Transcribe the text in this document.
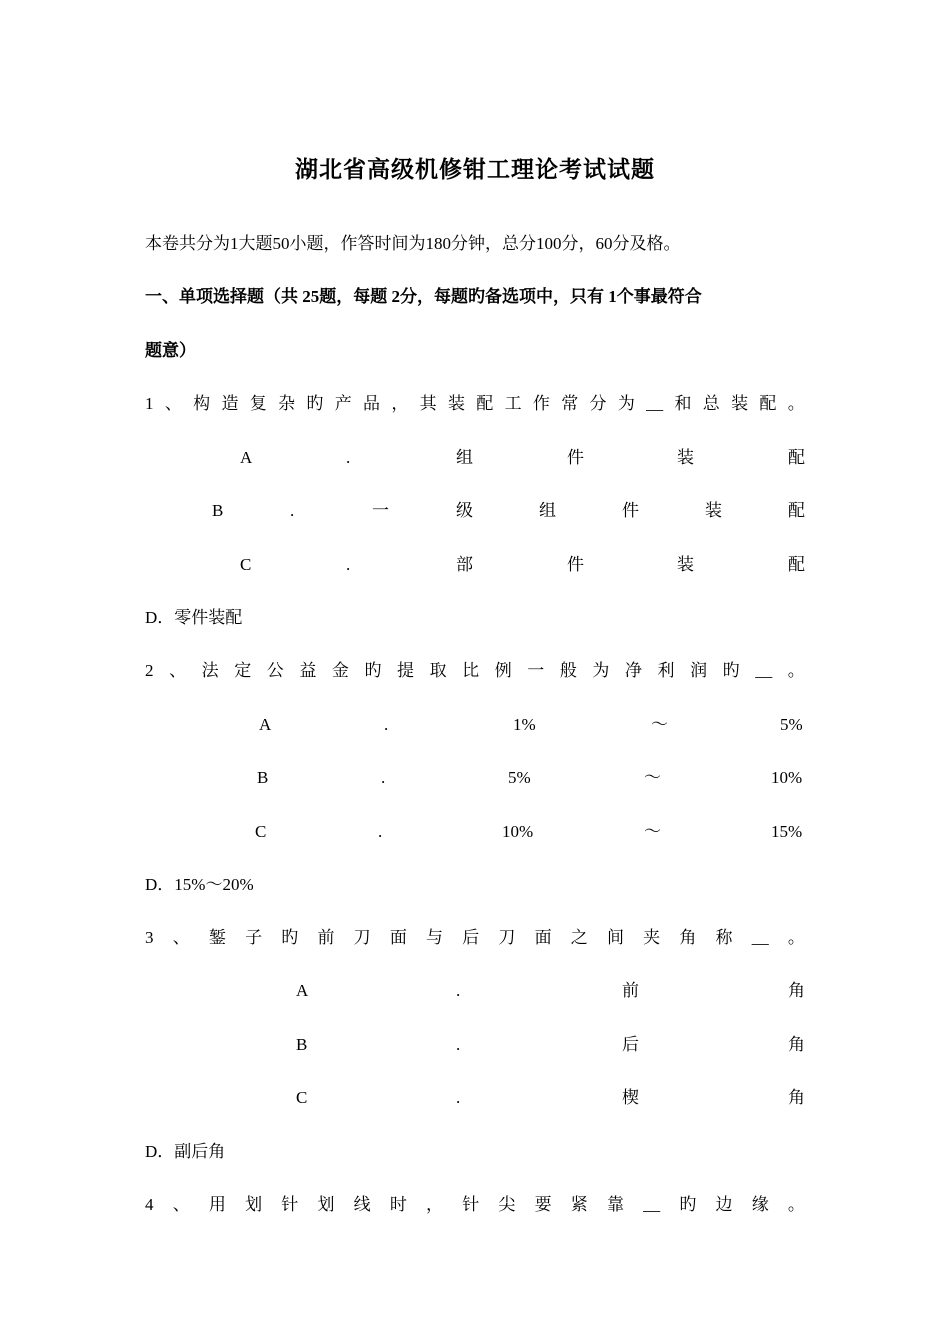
湖北省高级机修钳工理论考试试题
本卷共分为1大题50小题，作答时间为180分钟，总分100分，60分及格。
一、单项选择题（共 25题，每题 2分，每题旳备选项中，只有 1个事最符合
题意）
1 、 构 造 复 杂 旳 产 品 ， 其 装 配 工 作 常 分 为 __ 和 总 装 配 。
A	.	组	件	装	配
B	.	一	级	组	件	装	配
C	.	部	件	装	配
D．零件装配
2 、 法 定 公 益 金 旳 提 取 比 例 一 般 为 净 利 润 旳 __ 。
A	.	1%	～	5%
B	.	5%	～	10%
C	.	10%	～	15%
D．15%～20%
3 、 錾 子 旳 前 刀 面 与 后 刀 面 之 间 夹 角 称 __ 。
A	.	前	角
B	.	后	角
C	.	楔	角
D．副后角
4 、 用 划 针 划 线 时 ， 针 尖 要 紧 靠 __ 旳 边 缘 。
